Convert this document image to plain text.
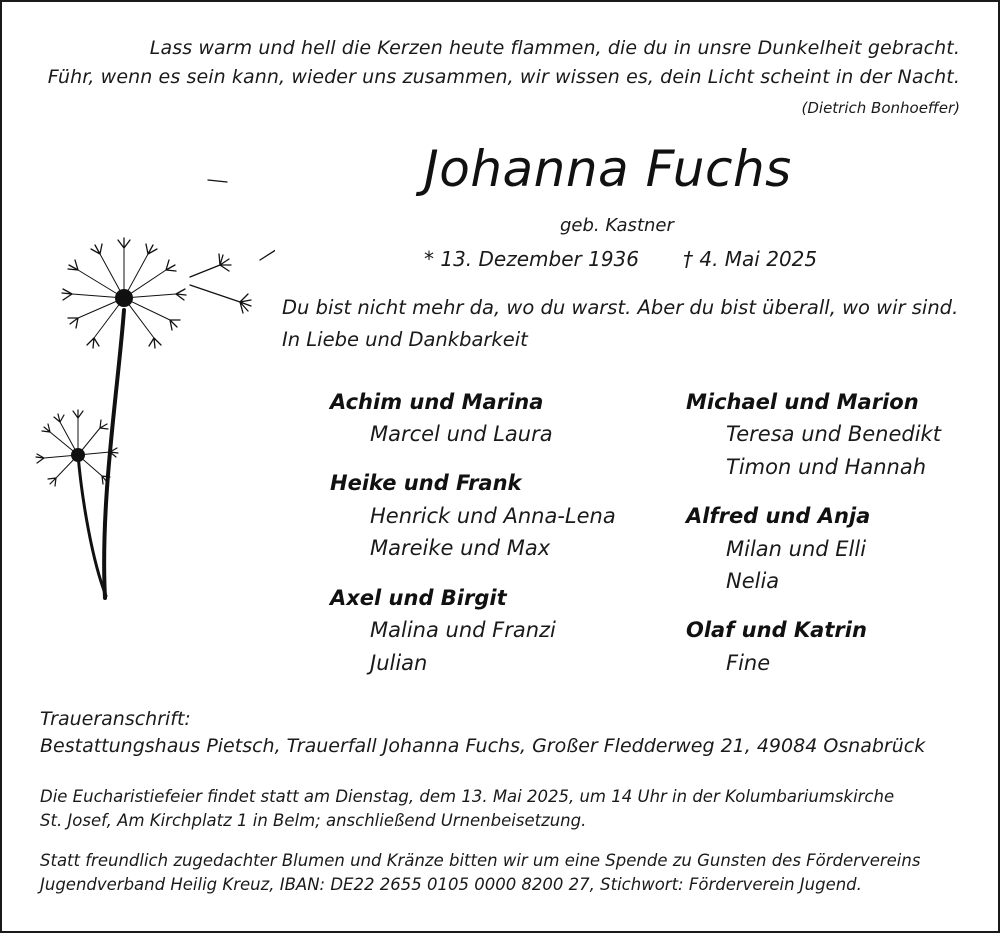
Lass warm und hell die Kerzen heute flammen, die du in unsre Dunkelheit gebracht.
Führ, wenn es sein kann, wieder uns zusammen, wir wissen es, dein Licht scheint in der Nacht.
(Dietrich Bonhoeffer)
Johanna Fuchs
geb. Kastner
* 13. Dezember 1936 † 4. Mai 2025
Du bist nicht mehr da, wo du warst. Aber du bist überall, wo wir sind.
In Liebe und Dankbarkeit
Achim und Marina
Marcel und Laura
Heike und Frank
Henrick und Anna-Lena
Mareike und Max
Axel und Birgit
Malina und Franzi
Julian
Michael und Marion
Teresa und Benedikt
Timon und Hannah
Alfred und Anja
Milan und Elli
Nelia
Olaf und Katrin
Fine
Traueranschrift:
Bestattungshaus Pietsch, Trauerfall Johanna Fuchs, Großer Fledderweg 21, 49084 Osnabrück
Die Eucharistiefeier findet statt am Dienstag, dem 13. Mai 2025, um 14 Uhr in der Kolumbariumskirche
St. Josef, Am Kirchplatz 1 in Belm; anschließend Urnenbeisetzung.
Statt freundlich zugedachter Blumen und Kränze bitten wir um eine Spende zu Gunsten des Fördervereins
Jugendverband Heilig Kreuz, IBAN: DE22 2655 0105 0000 8200 27, Stichwort: Förderverein Jugend.
